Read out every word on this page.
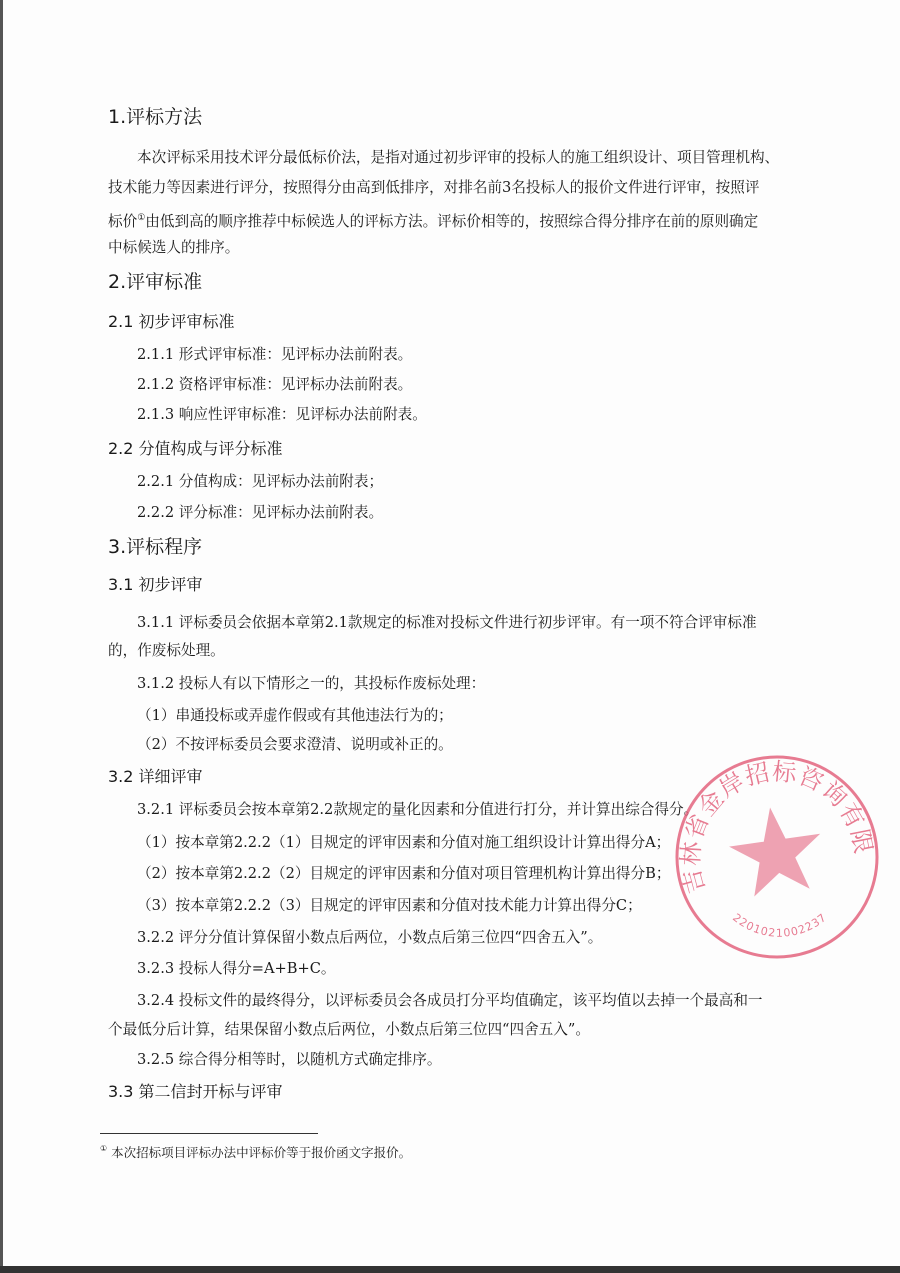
1.评标方法
本次评标采用技术评分最低标价法，是指对通过初步评审的投标人的施工组织设计、项目管理机构、
技术能力等因素进行评分，按照得分由高到低排序，对排名前3名投标人的报价文件进行评审，按照评
标价①由低到高的顺序推荐中标候选人的评标方法。评标价相等的，按照综合得分排序在前的原则确定
中标候选人的排序。
2.评审标准
2.1 初步评审标准
2.1.1 形式评审标准：见评标办法前附表。
2.1.2 资格评审标准：见评标办法前附表。
2.1.3 响应性评审标准：见评标办法前附表。
2.2 分值构成与评分标准
2.2.1 分值构成：见评标办法前附表；
2.2.2 评分标准：见评标办法前附表。
3.评标程序
3.1 初步评审
3.1.1 评标委员会依据本章第2.1款规定的标准对投标文件进行初步评审。有一项不符合评审标准
的，作废标处理。
3.1.2 投标人有以下情形之一的，其投标作废标处理：
（1）串通投标或弄虚作假或有其他违法行为的；
（2）不按评标委员会要求澄清、说明或补正的。
3.2 详细评审
3.2.1 评标委员会按本章第2.2款规定的量化因素和分值进行打分，并计算出综合得分。
（1）按本章第2.2.2（1）目规定的评审因素和分值对施工组织设计计算出得分A；
（2）按本章第2.2.2（2）目规定的评审因素和分值对项目管理机构计算出得分B；
（3）按本章第2.2.2（3）目规定的评审因素和分值对技术能力计算出得分C；
3.2.2 评分分值计算保留小数点后两位，小数点后第三位四“四舍五入”。
3.2.3 投标人得分=A+B+C。
3.2.4 投标文件的最终得分，以评标委员会各成员打分平均值确定，该平均值以去掉一个最高和一
个最低分后计算，结果保留小数点后两位，小数点后第三位四“四舍五入”。
3.2.5 综合得分相等时，以随机方式确定排序。
3.3 第二信封开标与评审
① 本次招标项目评标办法中评标价等于报价函文字报价。
吉林省金岸招标咨询有限公司
2201021002237
